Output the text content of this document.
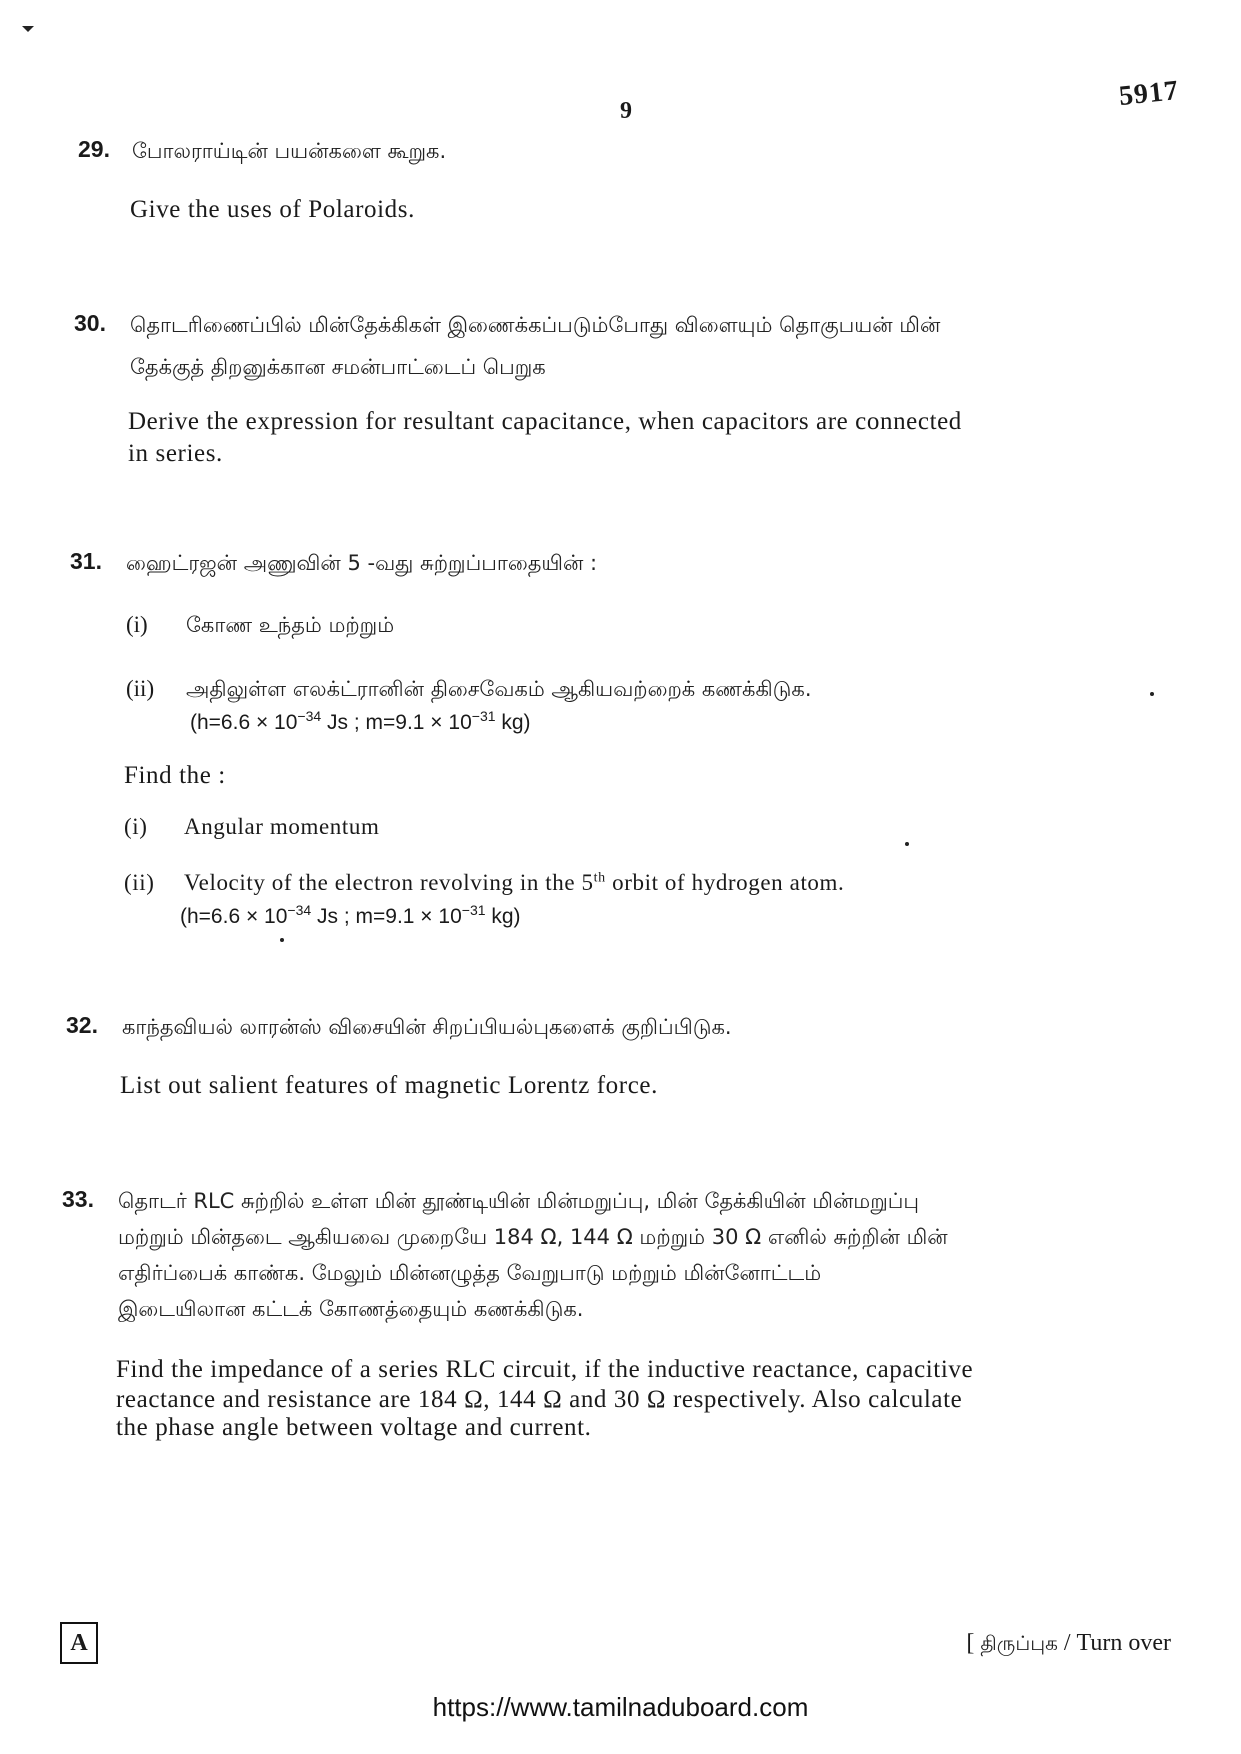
9	5917
29. போலராய்டின் பயன்களை கூறுக.
Give the uses of Polaroids.
30. தொடரிணைப்பில் மின்தேக்கிகள் இணைக்கப்படும்போது விளையும் தொகுபயன் மின்
தேக்குத் திறனுக்கான சமன்பாட்டைப் பெறுக
Derive the expression for resultant capacitance, when capacitors are connected
in series.
31. ஹைட்ரஜன் அணுவின் 5 -வது சுற்றுப்பாதையின் :
(i) கோண உந்தம் மற்றும்
(ii) அதிலுள்ள எலக்ட்ரானின் திசைவேகம் ஆகியவற்றைக் கணக்கிடுக.
($h=6.6 \times 10^{-34}$ Js ; $m=9.1 \times 10^{-31}$ kg)
Find the :
(i) Angular momentum
(ii) Velocity of the electron revolving in the 5th orbit of hydrogen atom.
($h=6.6 \times 10^{-34}$ Js ; $m=9.1 \times 10^{-31}$ kg)
32. காந்தவியல் லாரன்ஸ் விசையின் சிறப்பியல்புகளைக் குறிப்பிடுக.
List out salient features of magnetic Lorentz force.
33. தொடர் RLC சுற்றில் உள்ள மின் தூண்டியின் மின்மறுப்பு, மின் தேக்கியின் மின்மறுப்பு
மற்றும் மின்தடை ஆகியவை முறையே 184 Ω, 144 Ω மற்றும் 30 Ω எனில் சுற்றின் மின்
எதிர்ப்பைக் காண்க. மேலும் மின்னழுத்த வேறுபாடு மற்றும் மின்னோட்டம்
இடையிலான கட்டக் கோணத்தையும் கணக்கிடுக.
Find the impedance of a series RLC circuit, if the inductive reactance, capacitive
reactance and resistance are 184 Ω, 144 Ω and 30 Ω respectively. Also calculate
the phase angle between voltage and current.
A	[ திருப்புக / Turn over
https://www.tamilnaduboard.com
